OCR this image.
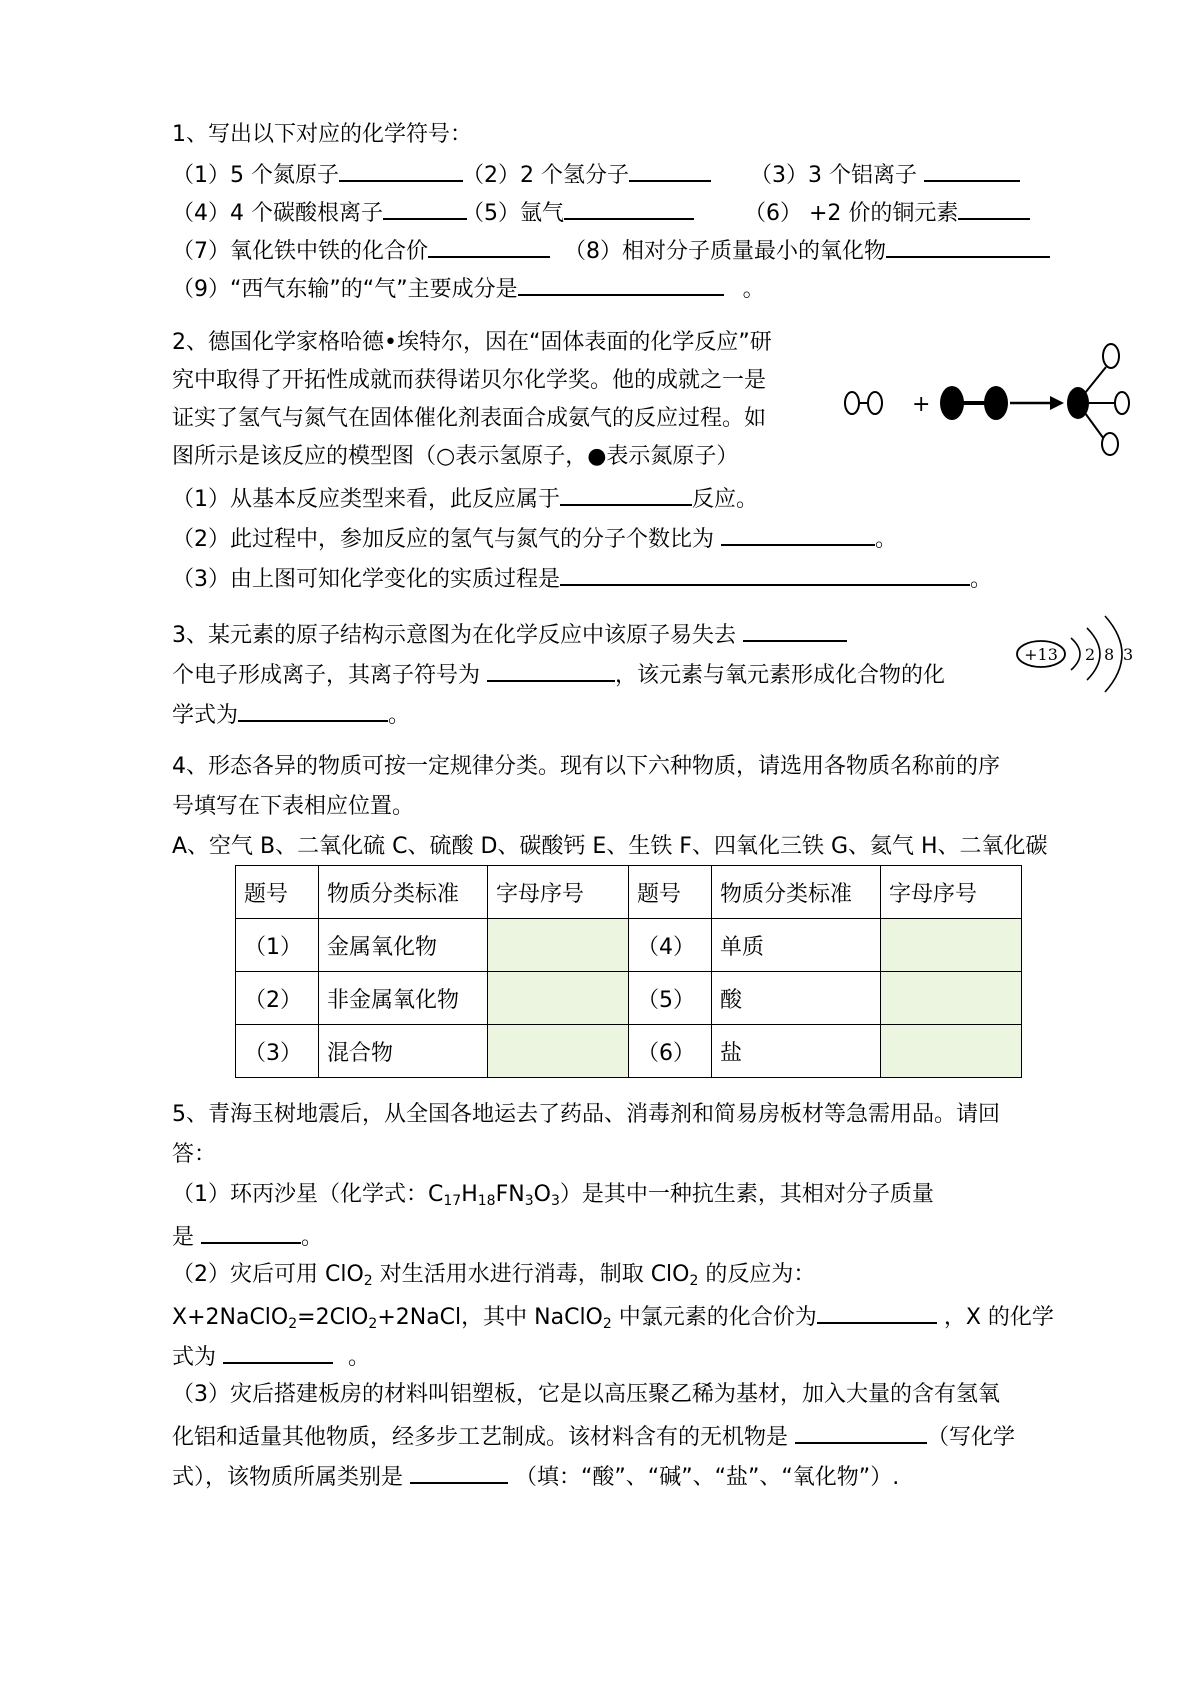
1、写出以下对应的化学符号：
（1）5 个氮原子	（2）2 个氢分子	（3）3 个铝离子
（4）4 个碳酸根离子	（5）氩气	（6） +2 价的铜元素
（7）氧化铁中铁的化合价	（8）相对分子质量最小的氧化物
（9）“西气东输”的“气”主要成分是	。
2、德国化学家格哈德•埃特尔，因在“固体表面的化学反应”研
究中取得了开拓性成就而获得诺贝尔化学奖。他的成就之一是
证实了氢气与氮气在固体催化剂表面合成氨气的反应过程。如
图所示是该反应的模型图（○表示氢原子，●表示氮原子）
（1）从基本反应类型来看，此反应属于	反应。
（2）此过程中，参加反应的氢气与氮气的分子个数比为	。
（3）由上图可知化学变化的实质过程是	。
+
3、某元素的原子结构示意图为在化学反应中该原子易失去
个电子形成离子，其离子符号为	，该元素与氧元素形成化合物的化
学式为	。
+13 2 8 3
4、形态各异的物质可按一定规律分类。现有以下六种物质，请选用各物质名称前的序
号填写在下表相应位置。
A、空气 B、二氧化硫 C、硫酸 D、碳酸钙 E、生铁 F、四氧化三铁 G、氦气 H、二氧化碳
题号	物质分类标准	字母序号	题号	物质分类标准	字母序号
（1）	金属氧化物		（4）	单质	

（2）	非金属氧化物		（5）	酸	

（3）	混合物		（6）	盐	
5、青海玉树地震后，从全国各地运去了药品、消毒剂和简易房板材等急需用品。请回
答：
（1）环丙沙星（化学式：$C_{17}H_{18}FN_3O_3$）是其中一种抗生素，其相对分子质量
是	。
（2）灾后可用 ClO$_2$ 对生活用水进行消毒，制取 ClO$_2$ 的反应为：
X+2NaClO$_2$=2ClO$_2$+2NaCl，其中 NaClO$_2$ 中氯元素的化合价为	，X 的化学
式为	。
（3）灾后搭建板房的材料叫铝塑板，它是以高压聚乙稀为基材，加入大量的含有氢氧
化铝和适量其他物质，经多步工艺制成。该材料含有的无机物是	（写化学
式），该物质所属类别是	（填：“酸”、“碱”、“盐”、“氧化物”）.
